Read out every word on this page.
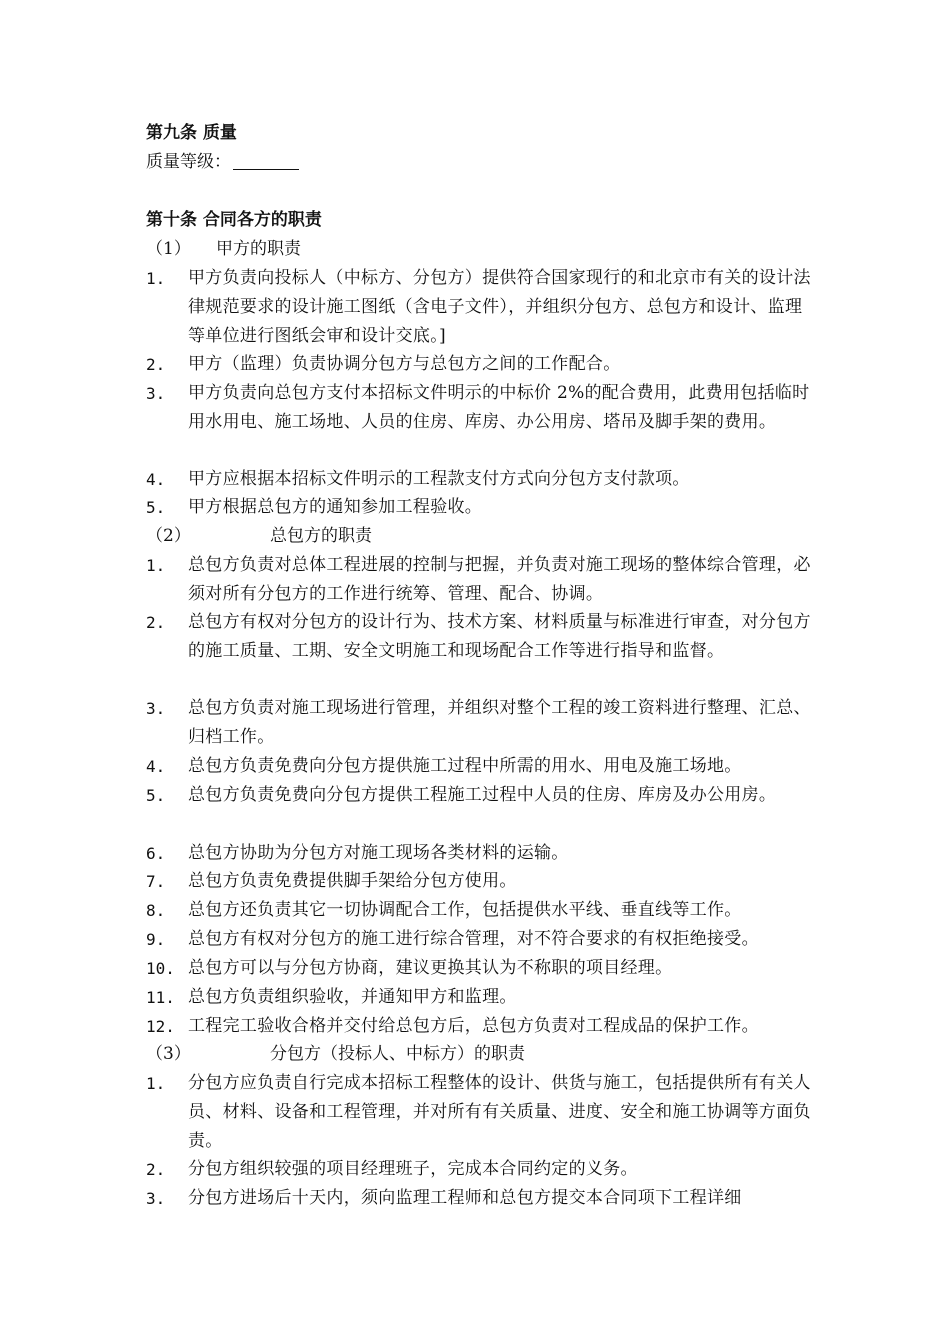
第九条 质量
质量等级：
第十条 合同各方的职责
（1） 甲方的职责
1.	甲方负责向投标人（中标方、分包方）提供符合国家现行的和北京市有关的设计法律规范要求的设计施工图纸（含电子文件），并组织分包方、总包方和设计、监理等单位进行图纸会审和设计交底。]
2.	甲方（监理）负责协调分包方与总包方之间的工作配合。
3.	甲方负责向总包方支付本招标文件明示的中标价 2%的配合费用，此费用包括临时用水用电、施工场地、人员的住房、库房、办公用房、塔吊及脚手架的费用。
4.	甲方应根据本招标文件明示的工程款支付方式向分包方支付款项。
5.	甲方根据总包方的通知参加工程验收。
（2）	总包方的职责
1.	总包方负责对总体工程进展的控制与把握，并负责对施工现场的整体综合管理，必须对所有分包方的工作进行统筹、管理、配合、协调。
2.	总包方有权对分包方的设计行为、技术方案、材料质量与标准进行审查，对分包方的施工质量、工期、安全文明施工和现场配合工作等进行指导和监督。
3.	总包方负责对施工现场进行管理，并组织对整个工程的竣工资料进行整理、汇总、归档工作。
4.	总包方负责免费向分包方提供施工过程中所需的用水、用电及施工场地。
5.	总包方负责免费向分包方提供工程施工过程中人员的住房、库房及办公用房。
6.	总包方协助为分包方对施工现场各类材料的运输。
7.	总包方负责免费提供脚手架给分包方使用。
8.	总包方还负责其它一切协调配合工作，包括提供水平线、垂直线等工作。
9.	总包方有权对分包方的施工进行综合管理，对不符合要求的有权拒绝接受。
10. 总包方可以与分包方协商，建议更换其认为不称职的项目经理。
11. 总包方负责组织验收，并通知甲方和监理。
12. 工程完工验收合格并交付给总包方后，总包方负责对工程成品的保护工作。
（3）	分包方（投标人、中标方）的职责
1.	分包方应负责自行完成本招标工程整体的设计、供货与施工，包括提供所有有关人员、材料、设备和工程管理，并对所有有关质量、进度、安全和施工协调等方面负责。
2.	分包方组织较强的项目经理班子，完成本合同约定的义务。
3.	分包方进场后十天内，须向监理工程师和总包方提交本合同项下工程详细
